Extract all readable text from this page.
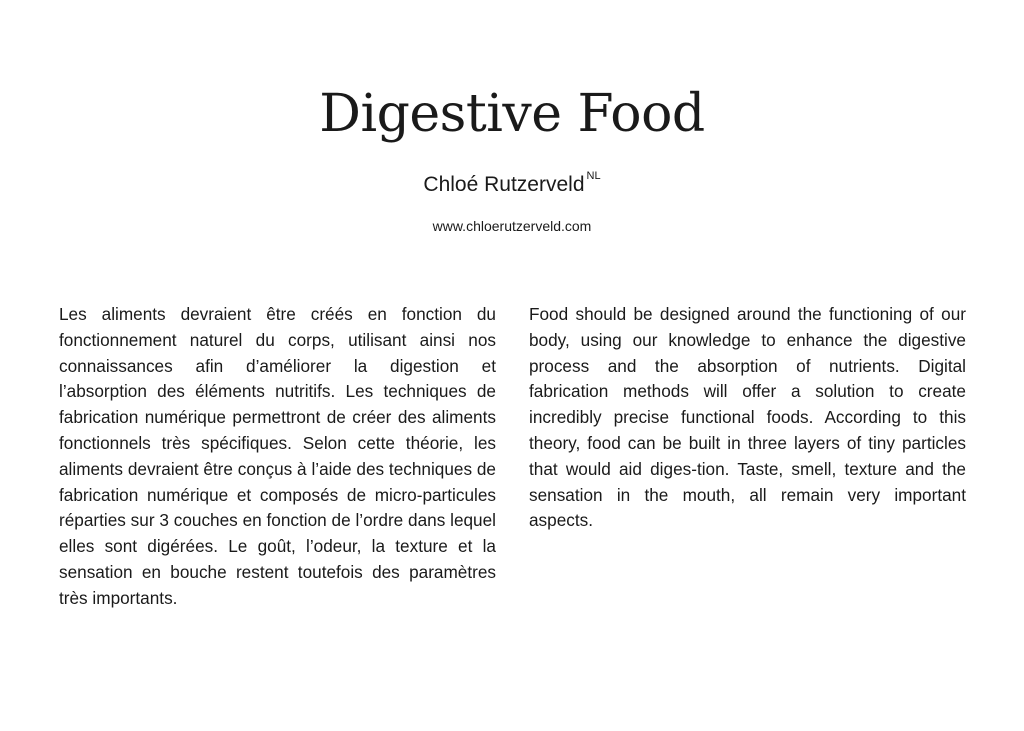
Digestive Food
Chloé Rutzerveld $^{NL}$
www.chloerutzerveld.com

Les aliments devraient être créés en fonction du fonctionnement naturel du corps, utilisant ainsi nos connaissances afin d’améliorer la digestion et l’absorption des éléments nutritifs. Les techniques de fabrication numérique permettront de créer des aliments fonctionnels très spécifiques. Selon cette théorie, les aliments devraient être conçus à l’aide des techniques de fabrication numérique et composés de micro-particules réparties sur 3 couches en fonction de l’ordre dans lequel elles sont digérées. Le goût, l’odeur, la texture et la sensation en bouche restent toutefois des paramètres très importants.

Food should be designed around the functioning of our body, using our knowledge to enhance the digestive process and the absorption of nutrients. Digital fabrication methods will offer a solution to create incredibly precise functional foods. According to this theory, food can be built in three layers of tiny particles that would aid diges-tion. Taste, smell, texture and the sensation in the mouth, all remain very important aspects.
